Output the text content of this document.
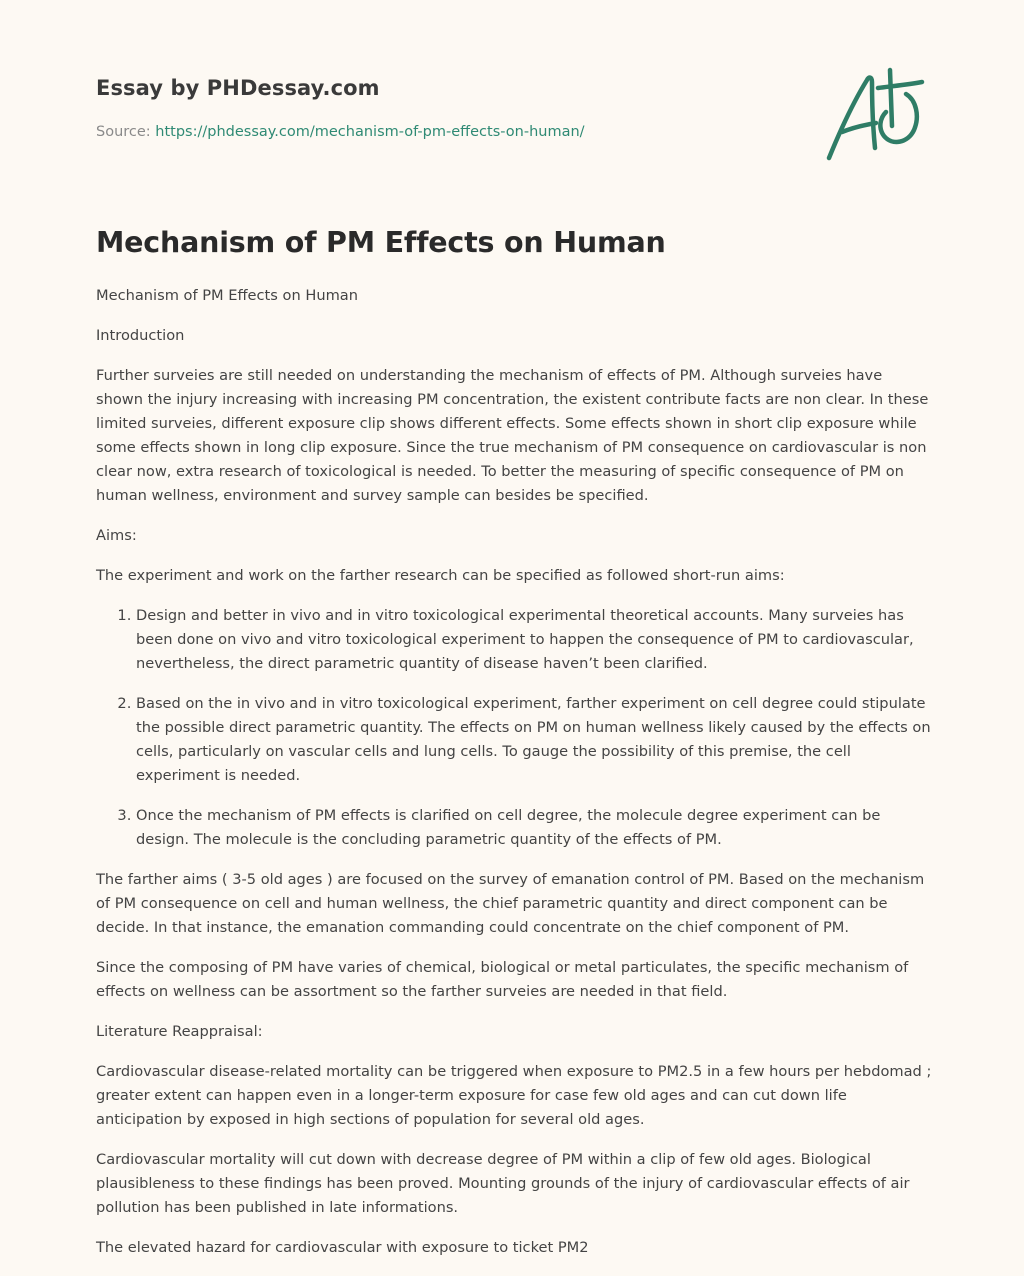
Essay by PHDessay.com

Source: https://phdessay.com/mechanism-of-pm-effects-on-human/

Mechanism of PM Effects on Human

Mechanism of PM Effects on Human

Introduction

Further surveies are still needed on understanding the mechanism of effects of PM. Although surveies have shown the injury increasing with increasing PM concentration, the existent contribute facts are non clear. In these limited surveies, different exposure clip shows different effects. Some effects shown in short clip exposure while some effects shown in long clip exposure. Since the true mechanism of PM consequence on cardiovascular is non clear now, extra research of toxicological is needed. To better the measuring of specific consequence of PM on human wellness, environment and survey sample can besides be specified.

Aims:

The experiment and work on the farther research can be specified as followed short-run aims:

1. Design and better in vivo and in vitro toxicological experimental theoretical accounts. Many surveies has been done on vivo and vitro toxicological experiment to happen the consequence of PM to cardiovascular, nevertheless, the direct parametric quantity of disease haven’t been clarified.
2. Based on the in vivo and in vitro toxicological experiment, farther experiment on cell degree could stipulate the possible direct parametric quantity. The effects on PM on human wellness likely caused by the effects on cells, particularly on vascular cells and lung cells. To gauge the possibility of this premise, the cell experiment is needed.
3. Once the mechanism of PM effects is clarified on cell degree, the molecule degree experiment can be design. The molecule is the concluding parametric quantity of the effects of PM.

The farther aims ( 3-5 old ages ) are focused on the survey of emanation control of PM. Based on the mechanism of PM consequence on cell and human wellness, the chief parametric quantity and direct component can be decide. In that instance, the emanation commanding could concentrate on the chief component of PM.

Since the composing of PM have varies of chemical, biological or metal particulates, the specific mechanism of effects on wellness can be assortment so the farther surveies are needed in that field.

Literature Reappraisal:

Cardiovascular disease-related mortality can be triggered when exposure to PM2.5 in a few hours per hebdomad ; greater extent can happen even in a longer-term exposure for case few old ages and can cut down life anticipation by exposed in high sections of population for several old ages.

Cardiovascular mortality will cut down with decrease degree of PM within a clip of few old ages. Biological plausibleness to these findings has been proved. Mounting grounds of the injury of cardiovascular effects of air pollution has been published in late informations.

The elevated hazard for cardiovascular with exposure to ticket PM2
